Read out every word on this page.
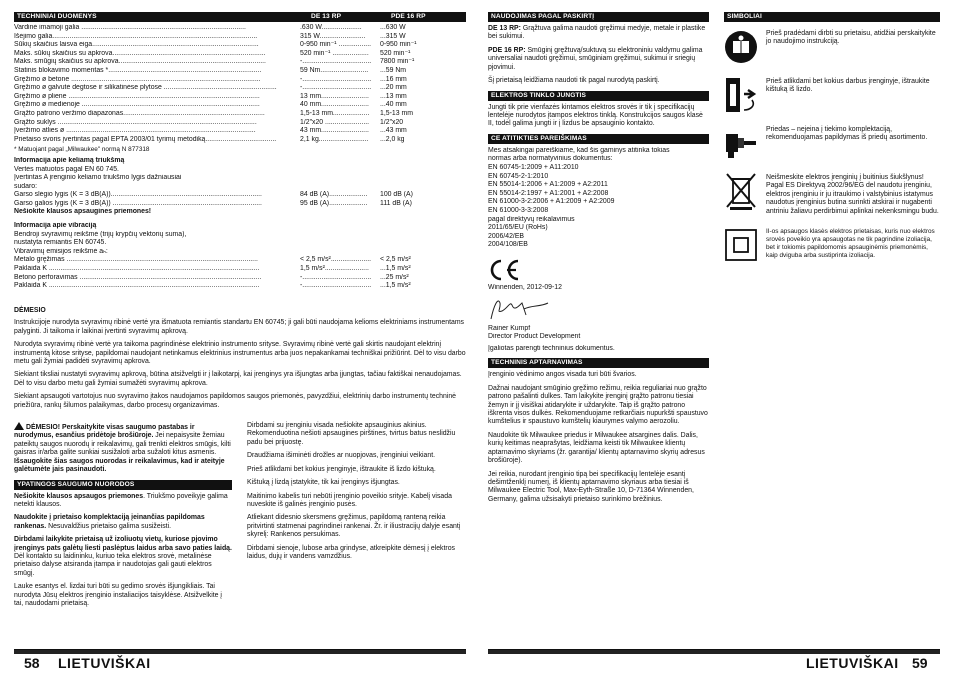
TECHNINIAI DUOMENYS	DE 13 RP	PDE 16 RP
Vardinė imamoji galia ......................................................................................	.630 W.....................	...630 W
Išėjimo galia...........................................................................................................	315 W........................	...315 W
Sūkių skaičius laisva eiga.......................................................................................	0-950 min⁻¹ .................	0-950 min⁻¹
Maks. sūkių skaičius su apkrova................................................................................	520 min⁻¹ ...................	520 min⁻¹
Maks. smūgių skaičius su apkrova.............................................................................	-....................................	7800 min⁻¹
Statinis blokavimo momentas *................................................................................	59 Nm.........................	...59 Nm
Gręžimo ø betone ...................................................................................................	-....................................	...16 mm
Gręžimo ø galvutė degtose ir silikatinėse plytose ...........................................................	-....................................	...20 mm
Gręžimo ø plienе ....................................................................................................	13 mm.........................	...13 mm
Gręžimo ø medienoje .............................................................................................	40 mm.........................	...40 mm
Grąžto patrono veržimo diapazonas..........................................................................	1,5-13 mm...................	1,5-13 mm
Grąžto suklys ........................................................................................................	1/2"x20 .......................	1/2"x20
Įveržimo atlies ø ...................................................................................................	43 mm.........................	...43 mm
Prietaiso svoris įvertintas pagal EPTA 2003/01 tyrimų metodiką.....................................	2,1 kg..........................	...2,0 kg
* Matuojant pagal „Milwaukee" normą N 877318
Informacija apie keliamą triukšmą
Vertės matuotos pagal EN 60 745.
Įvertintas A įrenginio keliamo triukšmo lygis dažniausiai
sudaro:
Garso slėgio lygis (K = 3 dB(A))...............................................................................	84 dB (A)....................	100 dB (A)
Garso galios lygis (K = 3 dB(A)) ..............................................................................	95 dB (A)....................	111 dB (A)
Nešiokite klausos apsaugines priemones!
Informacija apie vibraciją
Bendroji svyravimų reikšmė (trijų krypčių vektorių suma),
nustatyta remiantis EN 60745.
Vibravimų emisijos reikšmė aₕ:
Metalo gręžimas ....................................................................................................	< 2,5 m/s².....................	< 2,5 m/s²
Paklaida K ..............................................................................................................	1,5 m/s².......................	...1,5 m/s²
Betono perforavimas ...............................................................................................	-....................................	...25 m/s²
Paklaida K ..............................................................................................................	-....................................	...1,5 m/s²
DĖMESIO

Instrukcijoje nurodyta svyravimų ribinė vertė yra išmatuota remiantis standartu EN 60745; ji gali būti naudojama kelioms elektriniams instrumentams palyginti. Ji taikoma ir laikinai įvertinti svyravimų apkrovą.

Nurodyta svyravimų ribinė vertė yra taikoma pagrindinėse elektrinio instrumento srityse. Svyravimų ribinė vertė gali skirtis naudojant elektrinį instrumentą kitose srityse, papildomai naudojant netinkamus elektrinius instrumentus arba juos nepakankamai techniškai prižiūrint. Dėl to visu darbo metu gali žymiai padidėti svyravimų apkrova.

Siekiant tiksliai nustatyti svyravimų apkrovą, būtina atsižvelgti ir į laikotarpį, kai įrenginys yra išjungtas arba įjungtas, tačiau faktiškai nenaudojamas. Dėl to visu darbo metu gali žymiai sumažėti svyravimų apkrova.

Siekiant apsaugoti vartotojus nuo svyravimo įtakos naudojamos papildomos saugos priemonės, pavyzdžiui, elektrinių darbo instrumentų techninė priežiūra, rankų šilumos palaikymas, darbo procesų organizavimas.

DĖMESIO! Perskaitykite visas saugumo pastabas ir nurodymus, esančius pridėtoje brošiūroje. Jei nepaisysite žemiau pateiktų saugos nuorodų ir reikalavimų, gali trenkti elektros smūgis, kilti gaisras ir/arba galite sunkiai susižaloti arba sužaloti kitus asmenis. Išsaugokite šias saugos nuorodas ir reikalavimus, kad ir ateityje galėtumėte jais pasinaudoti.

YPATINGOS SAUGUMO NUORODOS

Nešiokite klausos apsaugos priemones. Triukšmo poveikyje galima netekti klausos.

Naudokite į prietaiso komplektaciją įeinančias papildomas rankenas. Nesuvaldžius prietaiso galima susižeisti.

Dirbdami laikykite prietaisą už izoliuotų vietų, kuriose pjovimo įrenginys pats galėtų liesti paslėptus laidus arba savo paties laidą. Dėl kontakto su laidininku, kuriuo teka elektros srovė, metalinėse prietaiso dalyse atsiranda įtampa ir naudotojas gali gauti elektros smūgį.

Lauke esantys el. lizdai turi būti su gedimo srovės išjungikliais. Tai nurodyta Jūsų elektros įrenginio instaliacijos taisyklėse. Atsižvelkite į tai, naudodami prietaisą.

Dirbdami su įrenginiu visada nešiokite apsauginius akinius. Rekomenduotina nešioti apsaugines pirštines, tvirtus batus neslidžiu padu bei prijuostę.

Draudžiama išiminėti drožles ar nuopjovas, įrenginiui veikiant.

Prieš atlikdami bet kokius įrenginyje, ištraukite iš lizdo kištuką.

Kištuką į lizdą įstatykite, tik kai įrenginys išjungtas.

Maitinimo kabelis turi nebūti įrenginio poveikio srityje. Kabelį visada nuveskite iš galinės įrenginio pusės.

Atliekant didesnio skersmens gręžimus, papildomą ranteną reikia pritvirtinti statmenai pagrindinei rankenai. Žr. ir iliustracijų dalyje esantį skyrelį: Rankenos persukimas.

Dirbdami sienoje, lubose arba grindyse, atkreipkite dėmesį į elektros laidus, dujų ir vandens vamzdžius.

58 LIETUVIŠKAI
NAUDOJIMAS PAGAL PASKIRTĮ

DE 13 RP: Grąžtuva galima naudoti gręžimui medyje, metale ir plastike bei sukimui.

PDE 16 RP: Smūginį gręžtuvą/suktuvą su elektroniniu valdymu galima universaliai naudoti gręžimui, smūginiam gręžimui, sukimui ir sriegių pjovimui.

Šį prietaisą leidžiama naudoti tik pagal nurodytą paskirtį.

ELEKTROS TINKLO JUNGTIS

Jungti tik prie vienfazės kintamos elektros srovės ir tik į specifikacijų lentelėje nurodytos įtampos elektros tinklą. Konstrukcijos saugos klasė II, todėl galima jungti ir į lizdus be apsauginio kontakto.

CE ATITIKTIES PAREIŠKIMAS
Mes atsakingai pareiškiame, kad šis gaminys atitinka tokias
normas arba normatyvinius dokumentus:
EN 60745-1:2009 + A11:2010
EN 60745-2-1:2010
EN 55014-1:2006 + A1:2009 + A2:2011
EN 55014-2:1997 + A1:2001 + A2:2008
EN 61000-3-2:2006 + A1:2009 + A2:2009
EN 61000-3-3:2008
pagal direktyvų reikalavimus
2011/65/EU (RoHs)
2006/42/EB
2004/108/EB
Winnenden, 2012-09-12
Rainer Kumpf
Director Product Development
Įgaliotas parengti techninius dokumentus.
TECHNINIS APTARNAVIMAS

Įrenginio vėdinimo angos visada turi būti švarios.

Dažnai naudojant smūginio gręžimo režimu, reikia reguliariai nuo grąžto patrono pašalinti dulkes. Tam laikykite įrenginį grąžto patronu tiesiai žemyn ir jį visiškai atidarykite ir uždarykite. Taip iš grąžto patrono iškrenta visos dulkės. Rekomenduojame retkarčiais nupurkšti spaustuvo kumštelius ir spaustuvo kumštelių kiaurymes valymo aerozoliu.

Naudokite tik Milwaukee priedus ir Milwaukee atsargines dalis. Dalis, kurių keitimas neaprašytas, leidžiama keisti tik Milwaukee klientų aptarnavimo skyriams (žr. garantija/ klientų aptarnavimo skyrių adresus brošiūroje).

Jei reikia, nurodant įrenginio tipą bei specifikacijų lentelėje esantį dešimtženklį numerį, iš klientų aptarnavimo skyriaus arba tiesiai iš Milwaukee Electric Tool, Max-Eyth-Straße 10, D-71364 Winnenden, Germany, galima užsisakyti prietaiso surinkimo brėžinius.

SIMBOLIAI
Prieš pradėdami dirbti su prietaisu, atidžiai perskaitykite jo naudojimo instrukciją.
Prieš atlikdami bet kokius darbus įrenginyje, ištraukite kištuką iš lizdo.
Priedas – nejeina į tiekimo komplektaciją, rekomenduojamas papildymas iš priedų asortimento.
Neišmeskite elektros įrenginių į buitinius šiukšlynus! Pagal ES Direktyvą 2002/96/EG del naudotu įrenginiu, elektros įrenginiu ir ju itraukimo i valstybinius istatymus naudotus įrenginius butina surinkti atskirai ir nugabenti antriniu žaliavu perdirbimui aplinkai nekenksmingu budu.
II-os apsaugos klasės elektros prietaisas, kuris nuo elektros srovės poveikio yra apsaugotas ne tik pagrindine izoliacija, bet ir tokiomis papildomomis apsauginėmis priemonėmis, kaip dviguba arba sustiprinta izoliacija.
LIETUVIŠKAI 59
